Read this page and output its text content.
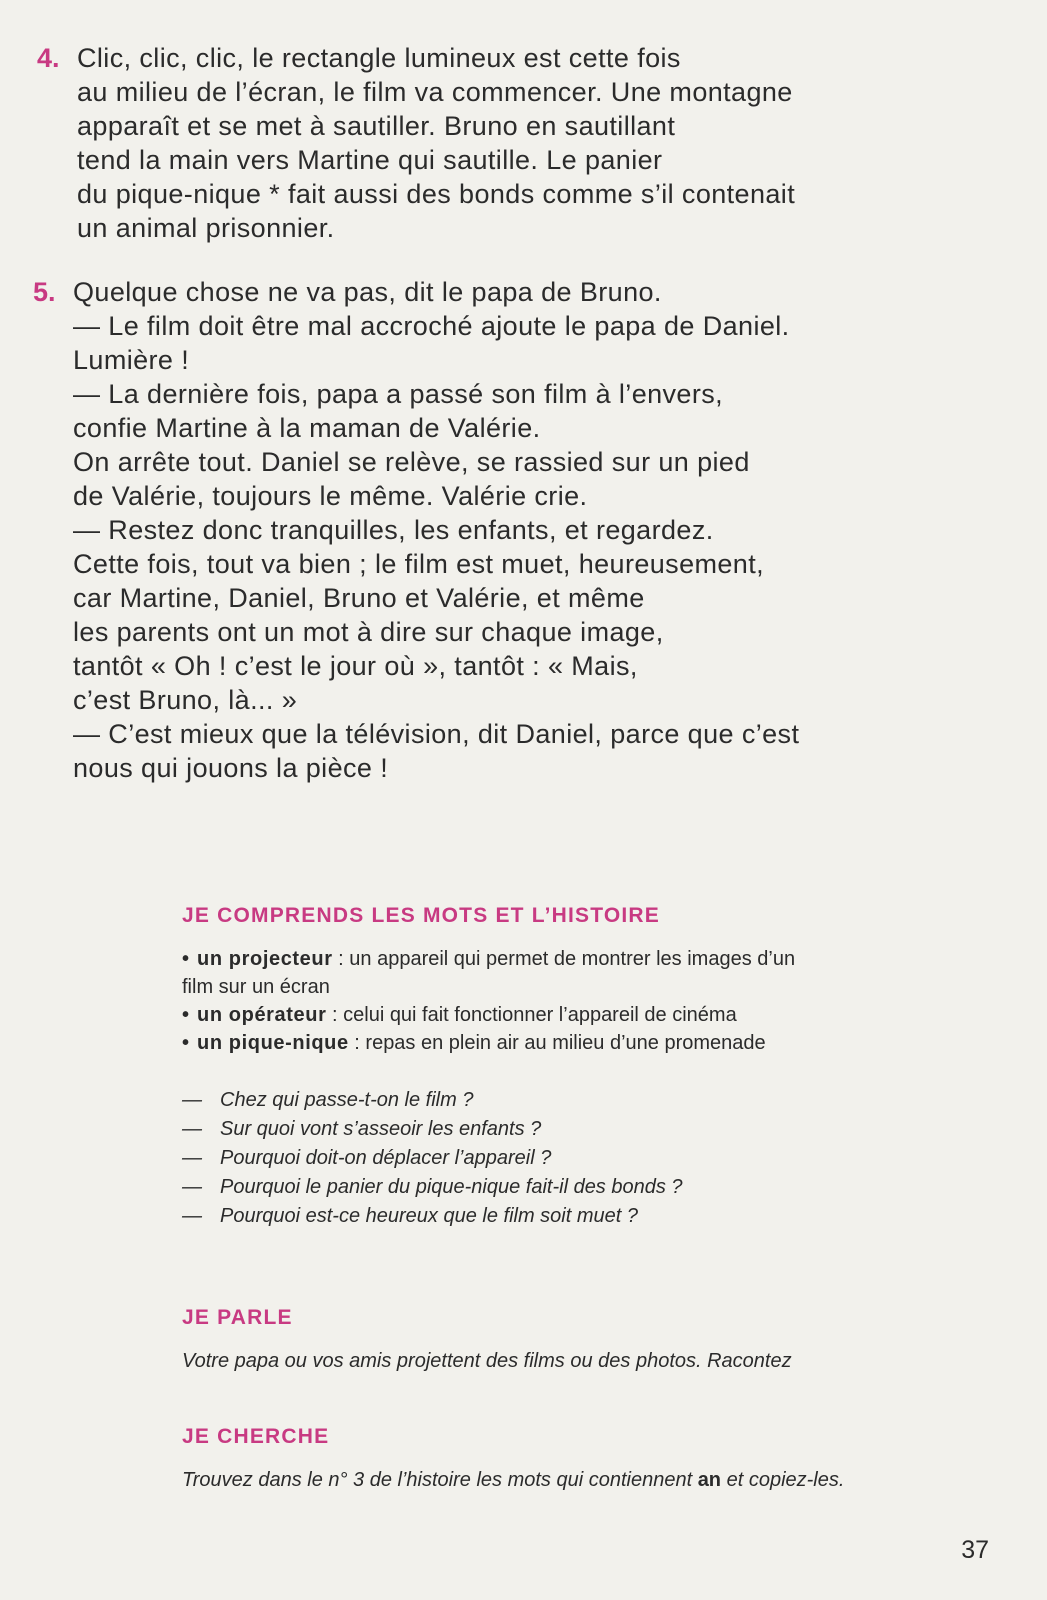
4. Clic, clic, clic, le rectangle lumineux est cette fois
au milieu de l’écran, le film va commencer. Une montagne
apparaît et se met à sautiller. Bruno en sautillant
tend la main vers Martine qui sautille. Le panier
du pique-nique * fait aussi des bonds comme s’il contenait
un animal prisonnier.
5. Quelque chose ne va pas, dit le papa de Bruno.
— Le film doit être mal accroché ajoute le papa de Daniel.
Lumière !
— La dernière fois, papa a passé son film à l’envers,
confie Martine à la maman de Valérie.
On arrête tout. Daniel se relève, se rassied sur un pied
de Valérie, toujours le même. Valérie crie.
— Restez donc tranquilles, les enfants, et regardez.
Cette fois, tout va bien ; le film est muet, heureusement,
car Martine, Daniel, Bruno et Valérie, et même
les parents ont un mot à dire sur chaque image,
tantôt « Oh ! c’est le jour où », tantôt : « Mais,
c’est Bruno, là... »
— C’est mieux que la télévision, dit Daniel, parce que c’est
nous qui jouons la pièce !
JE COMPRENDS LES MOTS ET L’HISTOIRE
• un projecteur : un appareil qui permet de montrer les images d’un
film sur un écran
• un opérateur : celui qui fait fonctionner l’appareil de cinéma
• un pique-nique : repas en plein air au milieu d’une promenade
— Chez qui passe-t-on le film ?
— Sur quoi vont s’asseoir les enfants ?
— Pourquoi doit-on déplacer l’appareil ?
— Pourquoi le panier du pique-nique fait-il des bonds ?
— Pourquoi est-ce heureux que le film soit muet ?
JE PARLE
Votre papa ou vos amis projettent des films ou des photos. Racontez
JE CHERCHE
Trouvez dans le n° 3 de l’histoire les mots qui contiennent an et copiez-les.
37
